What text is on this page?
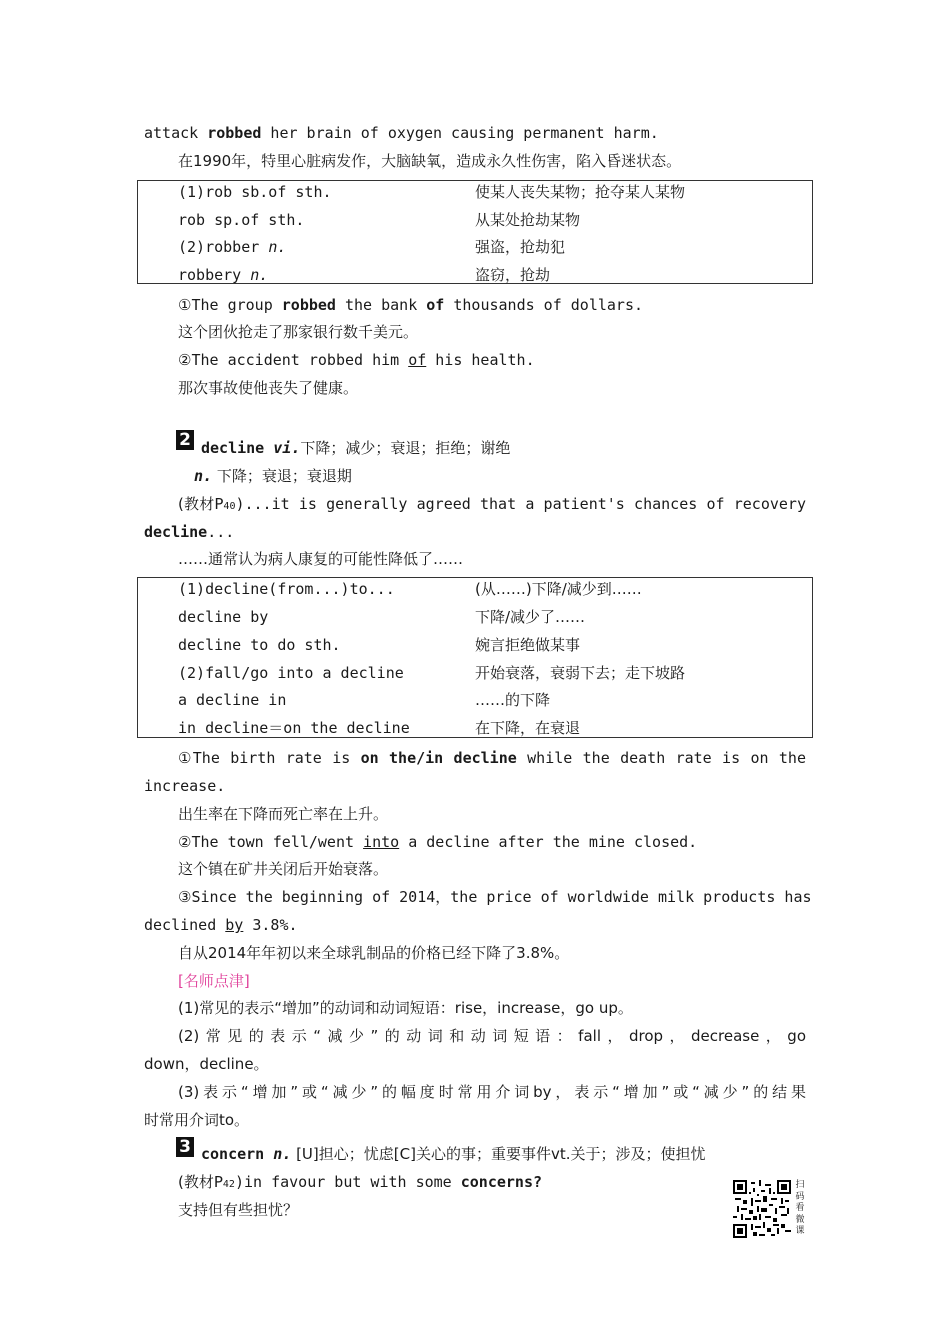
attack robbed her brain of oxygen causing permanent harm.
在1990年，特里心脏病发作，大脑缺氧，造成永久性伤害，陷入昏迷状态。
(1)rob sb.of sth.	使某人丧失某物；抢夺某人某物
rob sp.of sth.	从某处抢劫某物
(2)robber n.	强盗，抢劫犯
robbery n.	盗窃，抢劫
①The group robbed the bank of thousands of dollars.
这个团伙抢走了那家银行数千美元。
②The accident robbed him of his health.
那次事故使他丧失了健康。
2 decline vi.下降；减少；衰退；拒绝；谢绝
n. 下降；衰退；衰退期
(教材P40)...it is generally agreed that a patient's chances of recovery
decline...
……通常认为病人康复的可能性降低了……
(1)decline(from...)to...	(从……)下降/减少到……
decline by	下降/减少了……
decline to do sth.	婉言拒绝做某事
(2)fall/go into a decline	开始衰落，衰弱下去；走下坡路
a decline in	……的下降
in decline＝on the decline	在下降，在衰退
①The birth rate is on the/in decline while the death rate is on the
increase.
出生率在下降而死亡率在上升。
②The town fell/went into a decline after the mine closed.
这个镇在矿井关闭后开始衰落。
③Since the beginning of 2014，the price of worldwide milk products has
declined by 3.8%.
自从2014年年初以来全球乳制品的价格已经下降了3.8%。
[名师点津]
(1)常见的表示“增加”的动词和动词短语：rise，increase，go up。
(2)常见的表示“减少”的动词和动词短语：fall，drop，decrease，go
down，decline。
(3)表示“增加”或“减少”的幅度时常用介词by，表示“增加”或“减少”的结果
时常用介词to。
3 concern n. [U]担心；忧虑[C]关心的事；重要事件vt.关于；涉及；使担忧
(教材P42)in favour but with some concerns?
支持但有些担忧？
扫
码
看
微
课
